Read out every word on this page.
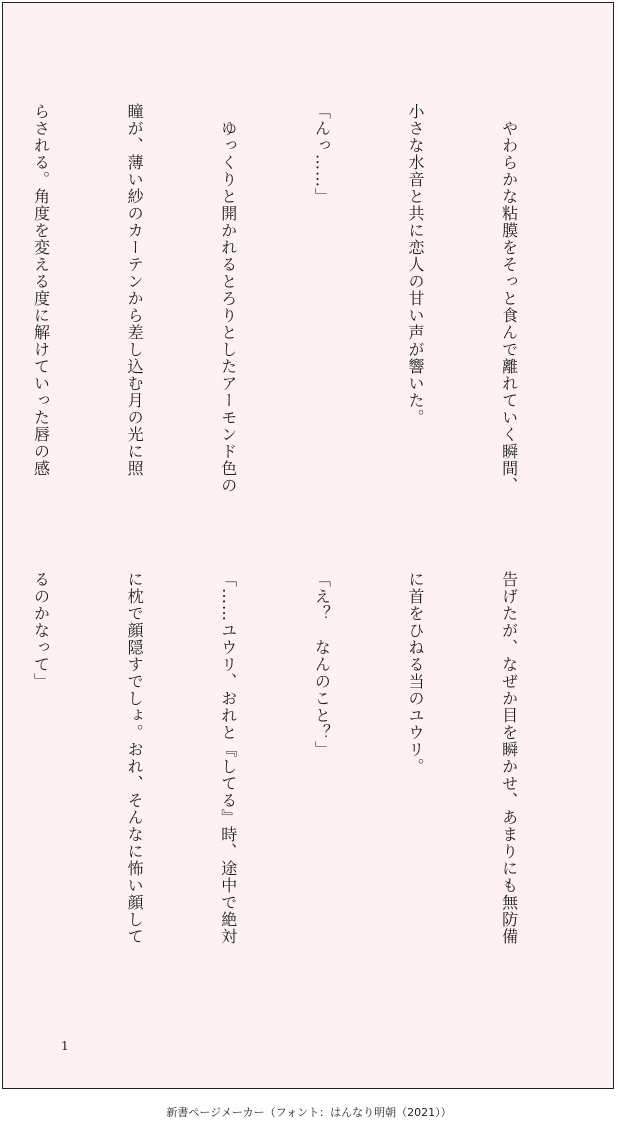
　やわらかな粘膜をそっと食んで離れていく瞬間、

小さな水音と共に恋人の甘い声が響いた。

「んっ……」

　ゆっくりと開かれるとろりとしたアーモンド色の

瞳が、薄い紗のカーテンから差し込む月の光に照

らされる。角度を変える度に解けていった唇の感

告げたが、なぜか目を瞬かせ、あまりにも無防備

に首をひねる当のユウリ。

「え？　なんのこと？」

「……ユウリ、おれと『してる』時、途中で絶対

に枕で顔隠すでしょ。おれ、そんなに怖い顔して

るのかなって」

1
新書ページメーカー（フォント：はんなり明朝（2021））
